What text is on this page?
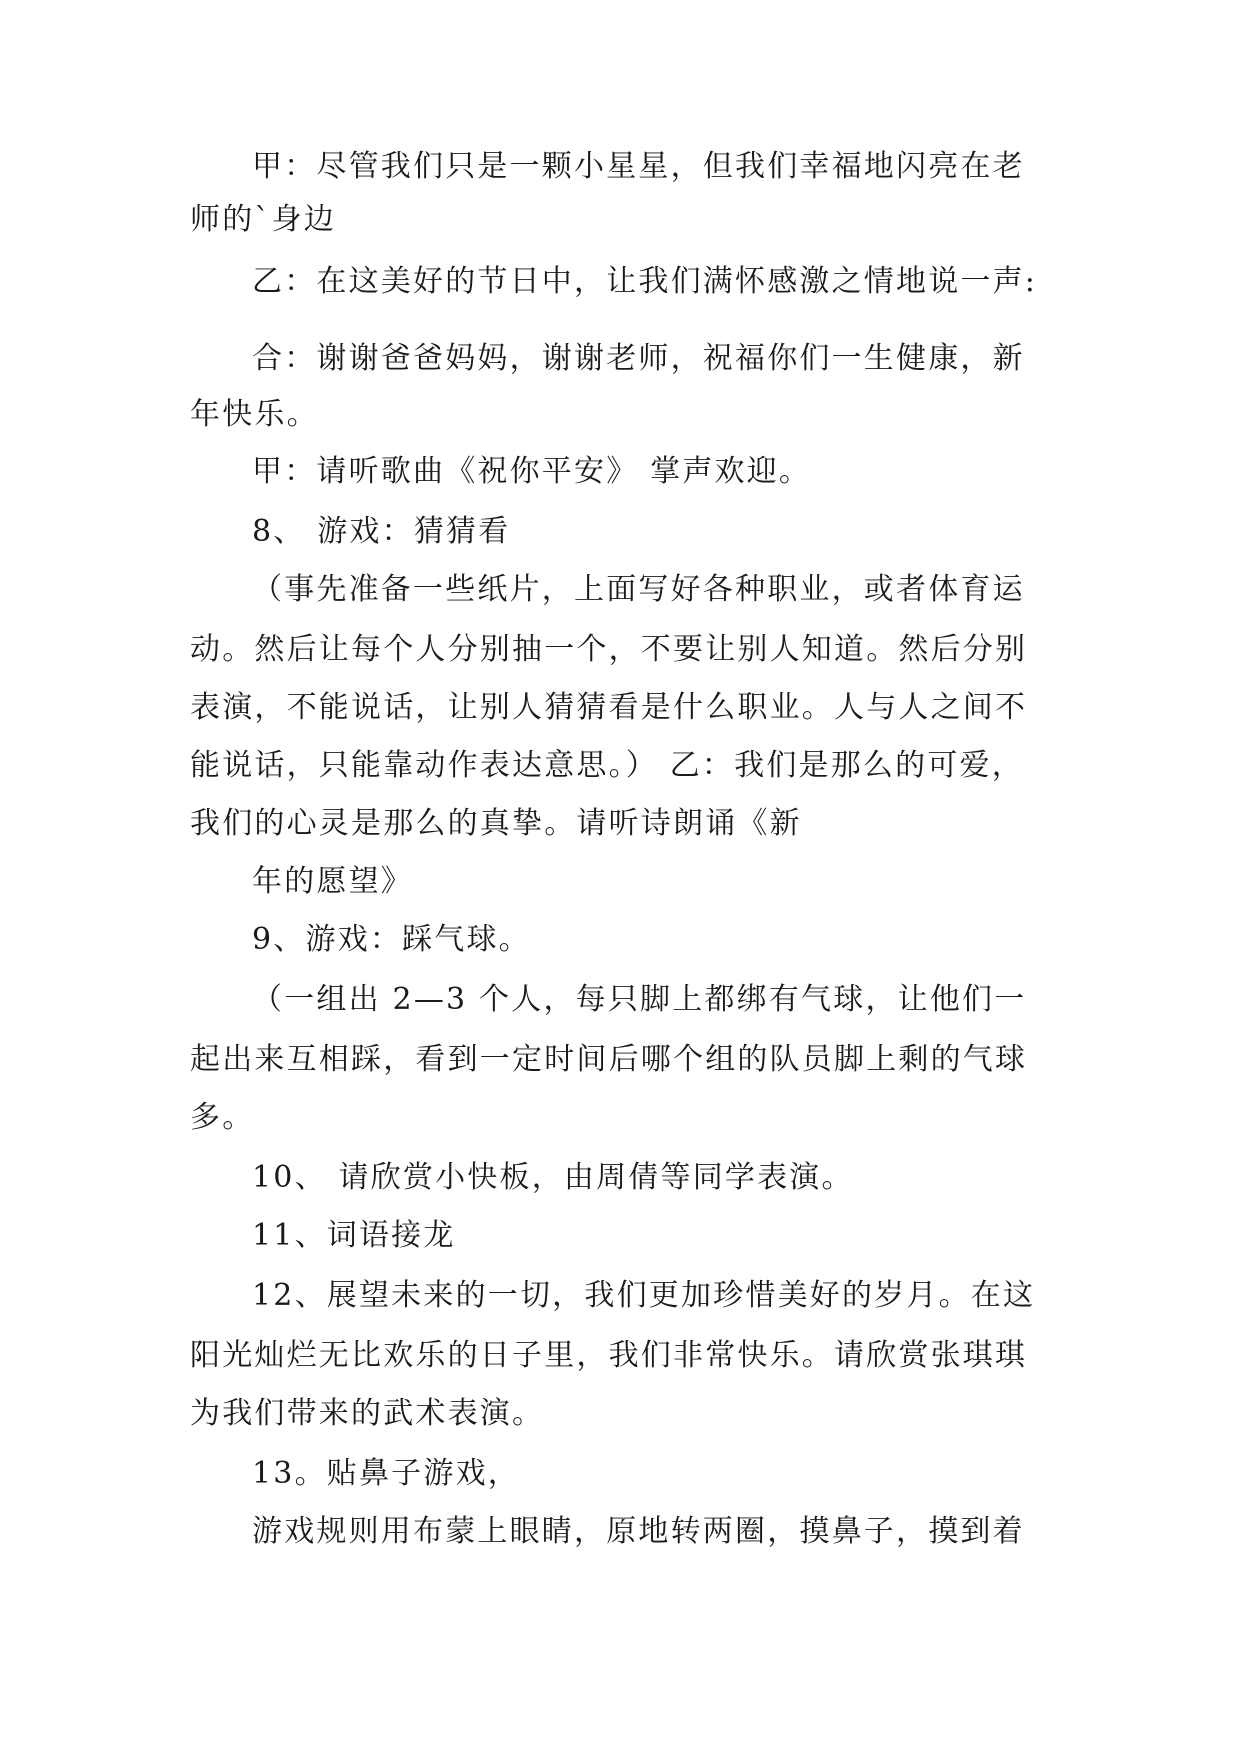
甲：尽管我们只是一颗小星星，但我们幸福地闪亮在老
师的`身边
乙：在这美好的节日中，让我们满怀感激之情地说一声:
合：谢谢爸爸妈妈，谢谢老师，祝福你们一生健康，新
年快乐。
甲：请听歌曲《祝你平安》 掌声欢迎。
8、 游戏：猜猜看
（事先准备一些纸片，上面写好各种职业，或者体育运
动。然后让每个人分别抽一个，不要让别人知道。然后分别
表演，不能说话，让别人猜猜看是什么职业。人与人之间不
能说话，只能靠动作表达意思。） 乙：我们是那么的可爱，
我们的心灵是那么的真挚。请听诗朗诵《新
年的愿望》
9、游戏：踩气球。
（一组出 2—3 个人，每只脚上都绑有气球，让他们一
起出来互相踩，看到一定时间后哪个组的队员脚上剩的气球
多。
10、 请欣赏小快板，由周倩等同学表演。
11、词语接龙
12、展望未来的一切，我们更加珍惜美好的岁月。在这
阳光灿烂无比欢乐的日子里，我们非常快乐。请欣赏张琪琪
为我们带来的武术表演。
13。贴鼻子游戏，
游戏规则用布蒙上眼睛，原地转两圈，摸鼻子，摸到着
